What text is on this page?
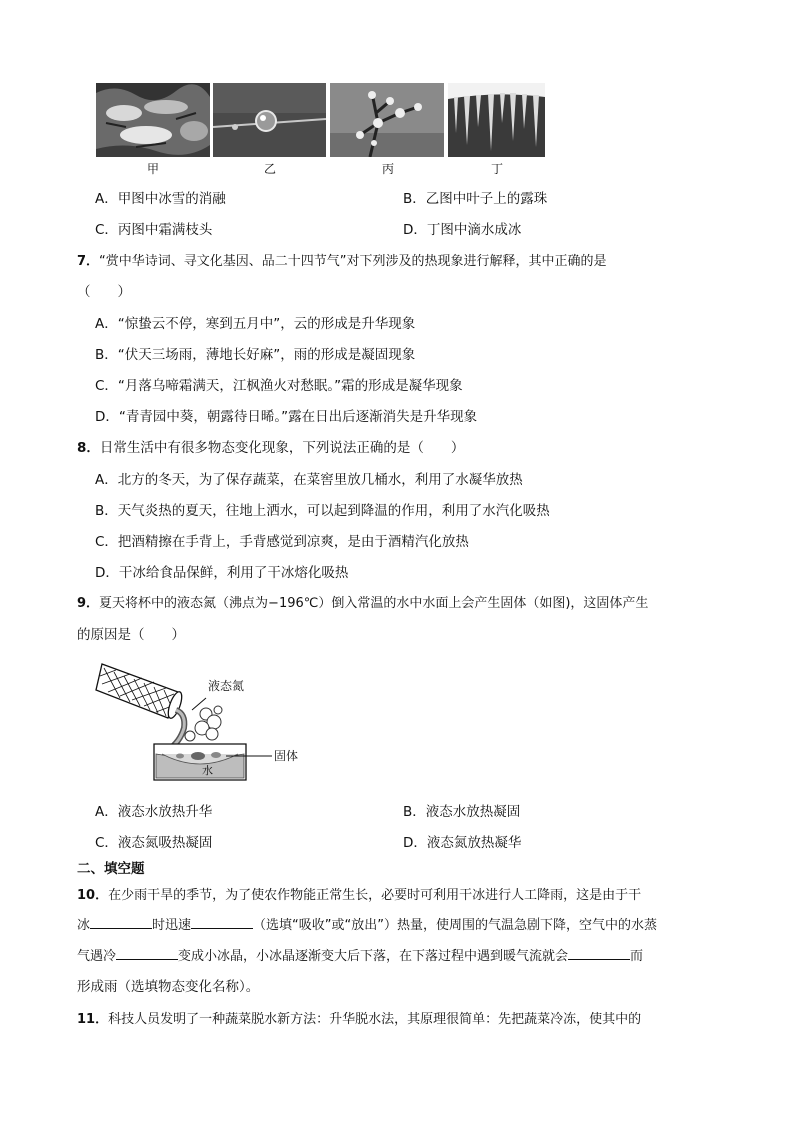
甲	乙	丙	丁
A．甲图中冰雪的消融	B．乙图中叶子上的露珠
C．丙图中霜满枝头	D．丁图中滴水成冰
7．“赏中华诗词、寻文化基因、品二十四节气”对下列涉及的热现象进行解释，其中正确的是
（　　）
A．“惊蛰云不停，寒到五月中”，云的形成是升华现象
B．“伏天三场雨，薄地长好麻”，雨的形成是凝固现象
C．“月落乌啼霜满天，江枫渔火对愁眠。”霜的形成是凝华现象
D．“青青园中葵，朝露待日晞。”露在日出后逐渐消失是升华现象
8．日常生活中有很多物态变化现象，下列说法正确的是（　　）
A．北方的冬天，为了保存蔬菜，在菜窖里放几桶水，利用了水凝华放热
B．天气炎热的夏天，往地上洒水，可以起到降温的作用，利用了水汽化吸热
C．把酒精擦在手背上，手背感觉到凉爽，是由于酒精汽化放热
D．干冰给食品保鲜，利用了干冰熔化吸热
9．夏天将杯中的液态氮（沸点为−196℃）倒入常温的水中水面上会产生固体（如图)，这固体产生
的原因是（　　）
液态氮
水
固体
A．液态水放热升华	B．液态水放热凝固
C．液态氮吸热凝固	D．液态氮放热凝华
二、填空题
10．在少雨干旱的季节，为了使农作物能正常生长，必要时可利用干冰进行人工降雨，这是由于干
冰	时迅速	（选填“吸收”或“放出”）热量，使周围的气温急剧下降，空气中的水蒸
气遇冷	变成小冰晶，小冰晶逐渐变大后下落，在下落过程中遇到暖气流就会	而
形成雨（选填物态变化名称）。
11．科技人员发明了一种蔬菜脱水新方法：升华脱水法，其原理很简单：先把蔬菜冷冻，使其中的
